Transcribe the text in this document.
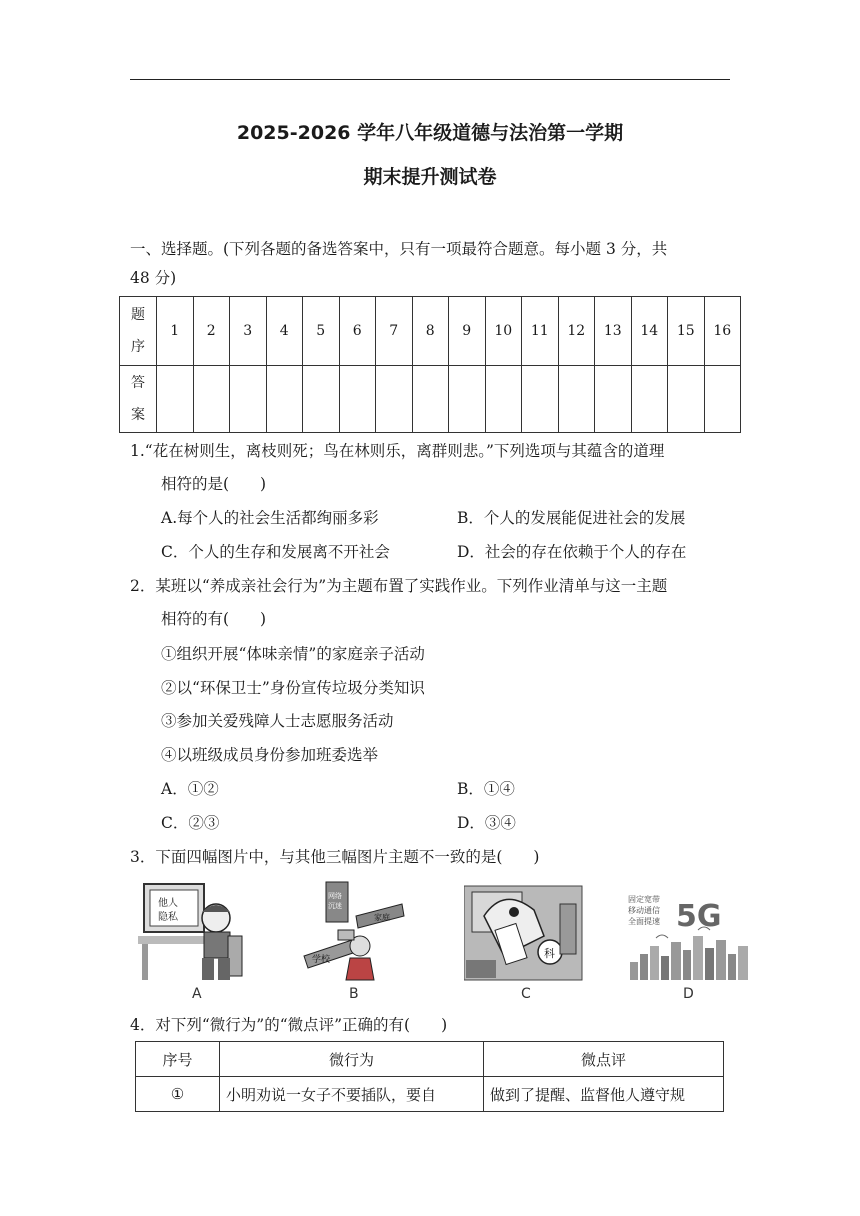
2025-2026 学年八年级道德与法治第一学期
期末提升测试卷
一、选择题。(下列各题的备选答案中，只有一项最符合题意。每小题 3 分，共
48 分)
题
序	1	2	3	4	5	6	7	8	9	10	11	12	13	14	15	16
答
案																
1.“花在树则生，离枝则死；鸟在林则乐，离群则悲。”下列选项与其蕴含的道理
相符的是(　　)
A.每个人的社会生活都绚丽多彩	B．个人的发展能促进社会的发展
C．个人的生存和发展离不开社会	D．社会的存在依赖于个人的存在
2．某班以“养成亲社会行为”为主题布置了实践作业。下列作业清单与这一主题
相符的有(　　)
①组织开展“体味亲情”的家庭亲子活动
②以“环保卫士”身份宣传垃圾分类知识
③参加关爱残障人士志愿服务活动
④以班级成员身份参加班委选举
A．①②	B．①④
C．②③	D．③④
3．下面四幅图片中，与其他三幅图片主题不一致的是(　　)
他人
隐私
A
网络
沉迷
学校
家庭
B
科
C
固定宽带
移动通信
全面提速 5G
D
4．对下列“微行为”的“微点评”正确的有(　　)
序号	微行为	微点评
①	小明劝说一女子不要插队，要自	做到了提醒、监督他人遵守规
